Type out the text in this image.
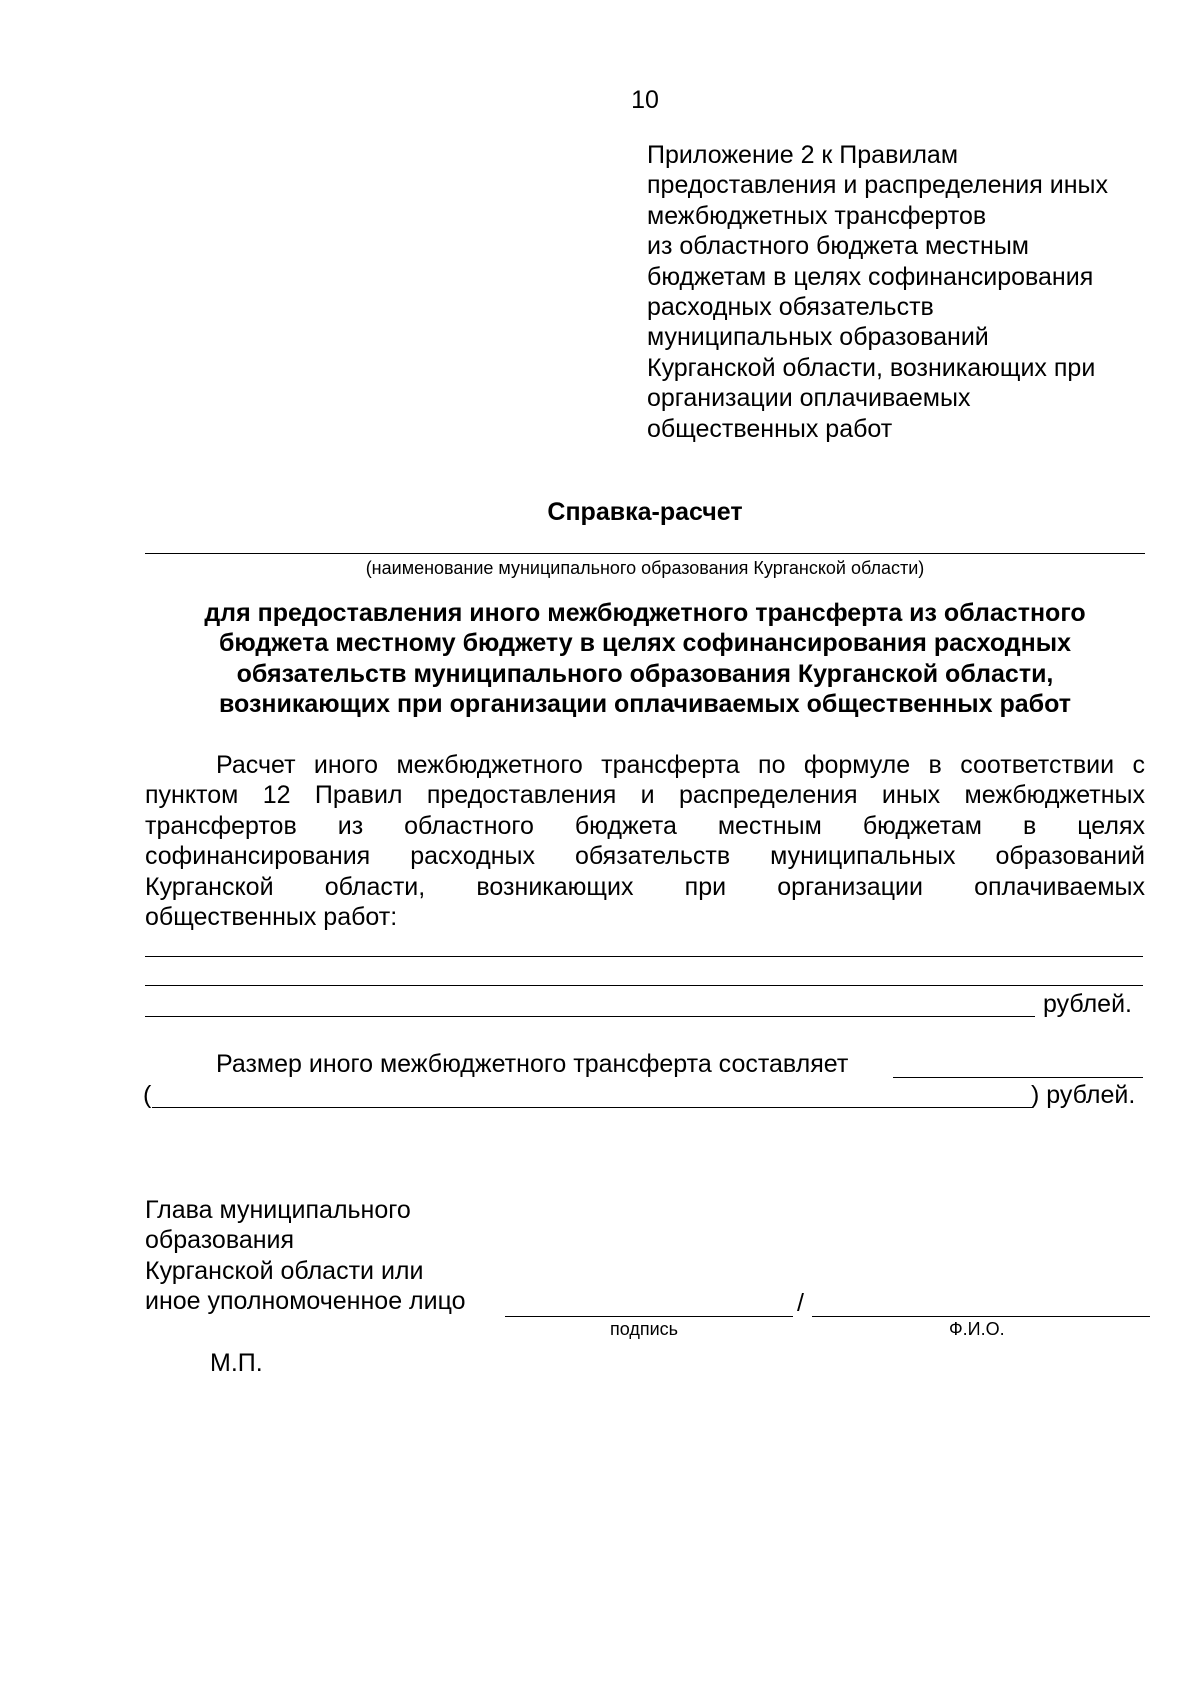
10
Приложение 2 к Правилам
предоставления и распределения иных
межбюджетных трансфертов
из областного бюджета местным
бюджетам в целях софинансирования
расходных обязательств
муниципальных образований
Курганской области, возникающих при
организации оплачиваемых
общественных работ
Справка-расчет
(наименование муниципального образования Курганской области)
для предоставления иного межбюджетного трансферта из областного
бюджета местному бюджету в целях софинансирования расходных
обязательств муниципального образования Курганской области,
возникающих при организации оплачиваемых общественных работ
Расчет иного межбюджетного трансферта по формуле в соответствии с
пунктом 12 Правил предоставления и распределения иных межбюджетных
трансфертов из областного бюджета местным бюджетам в целях
софинансирования расходных обязательств муниципальных образований
Курганской области, возникающих при организации оплачиваемых
общественных работ:
рублей.
Размер иного межбюджетного трансферта составляет
(	) рублей.
Глава муниципального
образования
Курганской области или
иное уполномоченное лицо	/
подпись	Ф.И.О.
М.П.
